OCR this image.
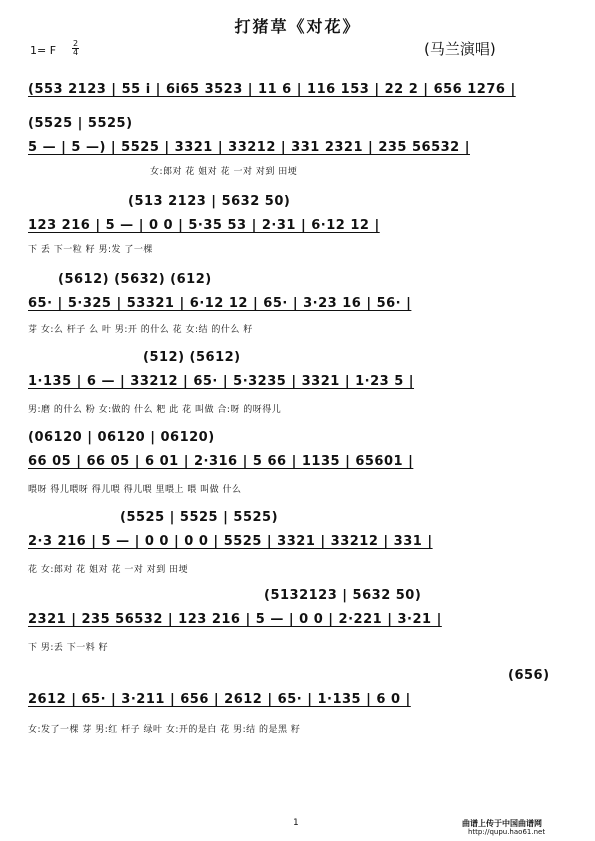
打猪草《对花》
1= F
2
4	(马兰演唱)
(553 2123 | 55 i | 6i65 3523 | 11 6 | 116 153 | 22 2 | 656 1276 |
(5525 | 5525)
5 — | 5 —) | 5525 | 3321 | 33212 | 331 2321 | 235 56532 |
女:郎对 花 姐对 花 一对 对到 田埂
(513 2123 | 5632 50)
123 216 | 5 — | 0 0 | 5·35 53 | 2·31 | 6·12 12 |
下 丢 下一粒 籽 男:发 了一棵
(5612) (5632) (612)
65· | 5·325 | 53321 | 6·12 12 | 65· | 3·23 16 | 56· |
芽 女:么 杆子 么 叶 男:开 的什么 花 女:结 的什么 籽
(512) (5612)
1·135 | 6 — | 33212 | 65· | 5·3235 | 3321 | 1·23 5 |
男:磨 的什么 粉 女:做的 什么 粑 此 花 叫做 合:呀 的呀得儿
(06120 | 06120 | 06120)
66 05 | 66 05 | 6 01 | 2·316 | 5 66 | 1135 | 65601 |
喂呀 得儿喂呀 得儿喂 得儿喂 里喂上 喂 叫做 什么
(5525 | 5525 | 5525)
2·3 216 | 5 — | 0 0 | 0 0 | 5525 | 3321 | 33212 | 331 |
花 女:郎对 花 姐对 花 一对 对到 田埂
(5132123 | 5632 50)
2321 | 235 56532 | 123 216 | 5 — | 0 0 | 2·221 | 3·21 |
下 男:丢 下一料 籽
(656)
2612 | 65· | 3·211 | 656 | 2612 | 65· | 1·135 | 6 0 |
女:发了一棵 芽 男:红 杆子 绿叶 女:开的是白 花 男:结 的是黑 籽
1	曲谱上传于中国曲谱网
http://qupu.hao61.net
